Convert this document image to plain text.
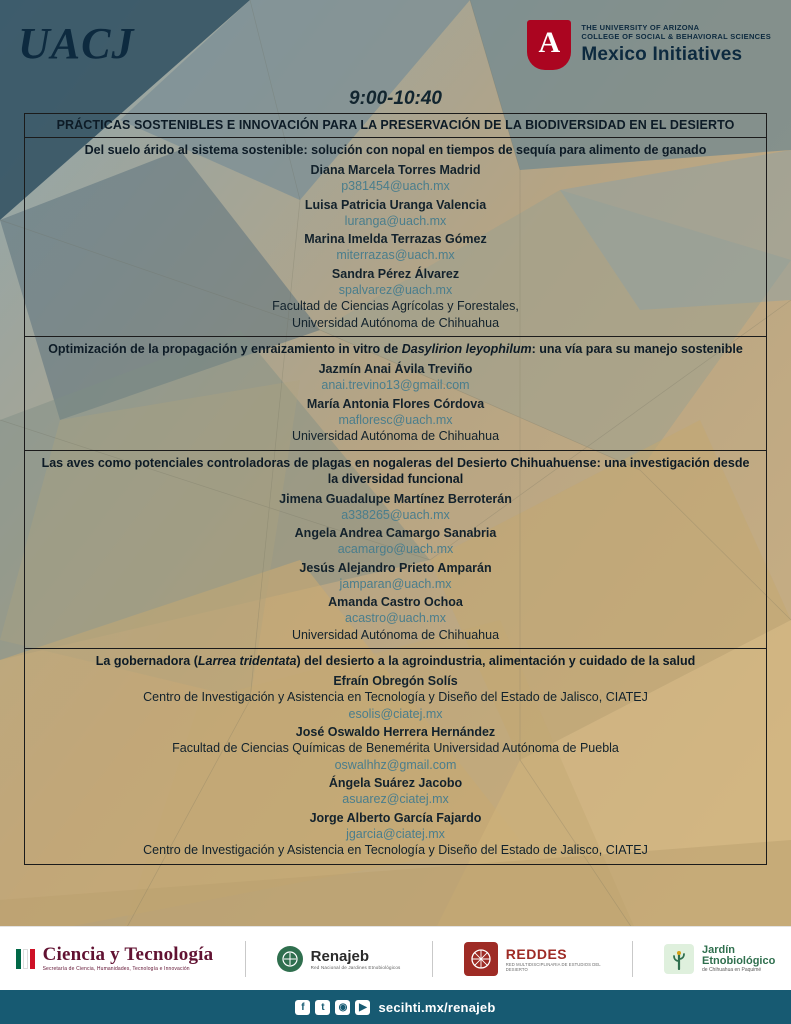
UACJ	A	THE UNIVERSITY OF ARIZONA
COLLEGE OF SOCIAL & BEHAVIORAL SCIENCES
Mexico Initiatives
9:00-10:40
PRÁCTICAS SOSTENIBLES E INNOVACIÓN PARA LA PRESERVACIÓN DE LA BIODIVERSIDAD EN EL DESIERTO
Del suelo árido al sistema sostenible: solución con nopal en tiempos de sequía para alimento de ganado
Diana Marcela Torres Madrid
p381454@uach.mx
Luisa Patricia Uranga Valencia
luranga@uach.mx
Marina Imelda Terrazas Gómez
miterrazas@uach.mx
Sandra Pérez Álvarez
spalvarez@uach.mx
Facultad de Ciencias Agrícolas y Forestales,
Universidad Autónoma de Chihuahua
Optimización de la propagación y enraizamiento in vitro de Dasylirion leyophilum: una vía para su manejo sostenible
Jazmín Anai Ávila Treviño
anai.trevino13@gmail.com
María Antonia Flores Córdova
mafloresc@uach.mx
Universidad Autónoma de Chihuahua
Las aves como potenciales controladoras de plagas en nogaleras del Desierto Chihuahuense: una investigación desde la diversidad funcional
Jimena Guadalupe Martínez Berroterán
a338265@uach.mx
Angela Andrea Camargo Sanabria
acamargo@uach.mx
Jesús Alejandro Prieto Amparán
jamparan@uach.mx
Amanda Castro Ochoa
acastro@uach.mx
Universidad Autónoma de Chihuahua
La gobernadora (Larrea tridentata) del desierto a la agroindustria, alimentación y cuidado de la salud
Efraín Obregón Solís
Centro de Investigación y Asistencia en Tecnología y Diseño del Estado de Jalisco, CIATEJ
esolis@ciatej.mx
José Oswaldo Herrera Hernández
Facultad de Ciencias Químicas de Benemérita Universidad Autónoma de Puebla
oswalhhz@gmail.com
Ángela Suárez Jacobo
asuarez@ciatej.mx
Jorge Alberto García Fajardo
jgarcia@ciatej.mx
Centro de Investigación y Asistencia en Tecnología y Diseño del Estado de Jalisco, CIATEJ
Ciencia y Tecnología
Secretaría de Ciencia, Humanidades, Tecnología e Innovación
Renajeb
Red Nacional de Jardines Etnobiológicos
REDDES
RED MULTIDISCIPLINARIA DE ESTUDIOS DEL
DESIERTO
Jardín
Etnobiológico
de Chihuahua en Paquimé
f	t	◉	▶ secihti.mx/renajeb
